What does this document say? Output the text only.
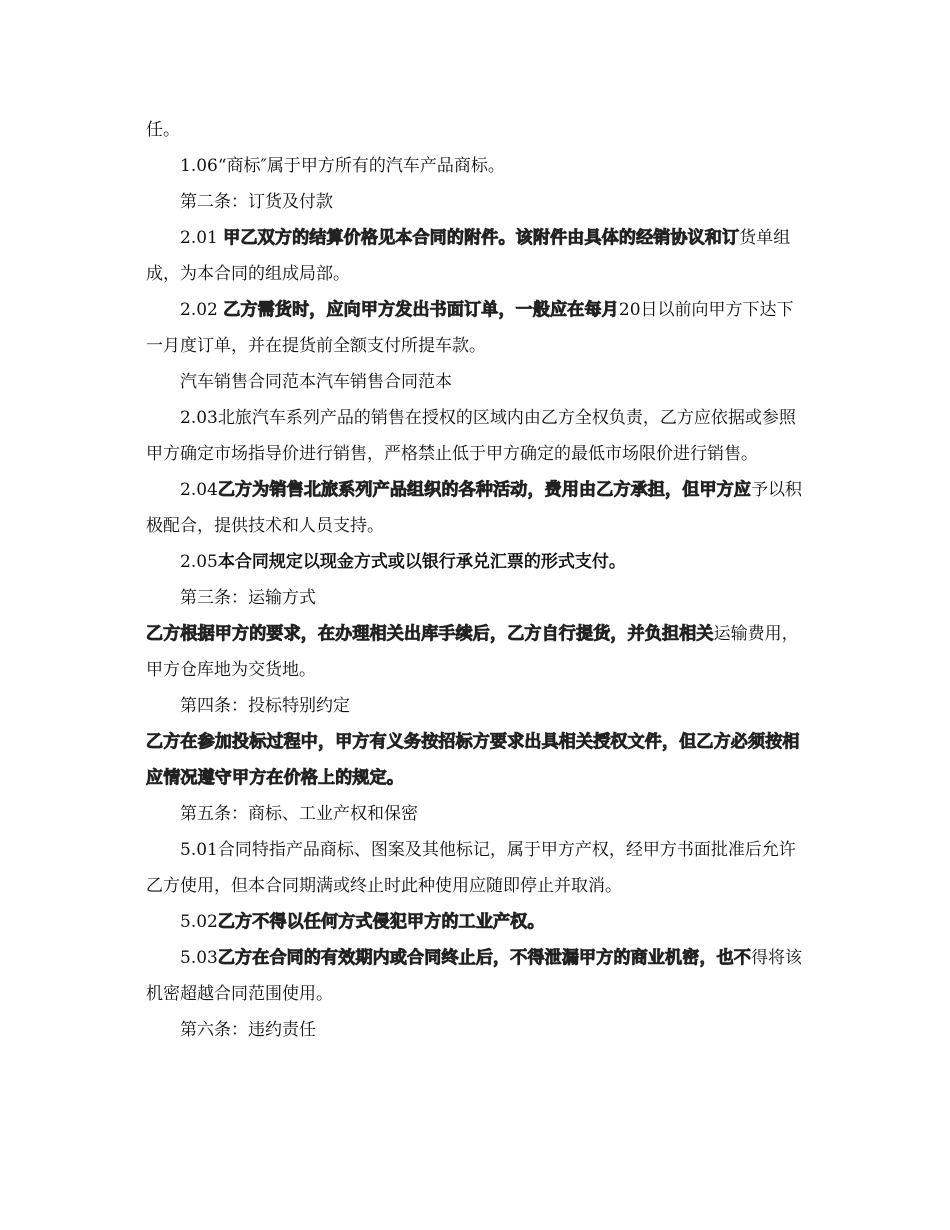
任。

1.06“商标″属于甲方所有的汽车产品商标。

第二条：订货及付款

2.01 甲乙双方的结算价格见本合同的附件。该附件由具体的经销协议和订货单组成，为本合同的组成局部。

2.02 乙方需货时，应向甲方发出书面订单，一般应在每月20日以前向甲方下达下一月度订单，并在提货前全额支付所提车款。

汽车销售合同范本汽车销售合同范本

2.03北旅汽车系列产品的销售在授权的区域内由乙方全权负责，乙方应依据或参照甲方确定市场指导价进行销售，严格禁止低于甲方确定的最低市场限价进行销售。

2.04乙方为销售北旅系列产品组织的各种活动，费用由乙方承担，但甲方应予以积极配合，提供技术和人员支持。

2.05本合同规定以现金方式或以银行承兑汇票的形式支付。

第三条：运输方式

乙方根据甲方的要求，在办理相关出库手续后，乙方自行提货，并负担相关运输费用，甲方仓库地为交货地。

第四条：投标特别约定

乙方在参加投标过程中，甲方有义务按招标方要求出具相关授权文件，但乙方必须按相应情况遵守甲方在价格上的规定。

第五条：商标、工业产权和保密

5.01合同特指产品商标、图案及其他标记，属于甲方产权，经甲方书面批准后允许乙方使用，但本合同期满或终止时此种使用应随即停止并取消。

5.02乙方不得以任何方式侵犯甲方的工业产权。

5.03乙方在合同的有效期内或合同终止后，不得泄漏甲方的商业机密，也不得将该机密超越合同范围使用。

第六条：违约责任
